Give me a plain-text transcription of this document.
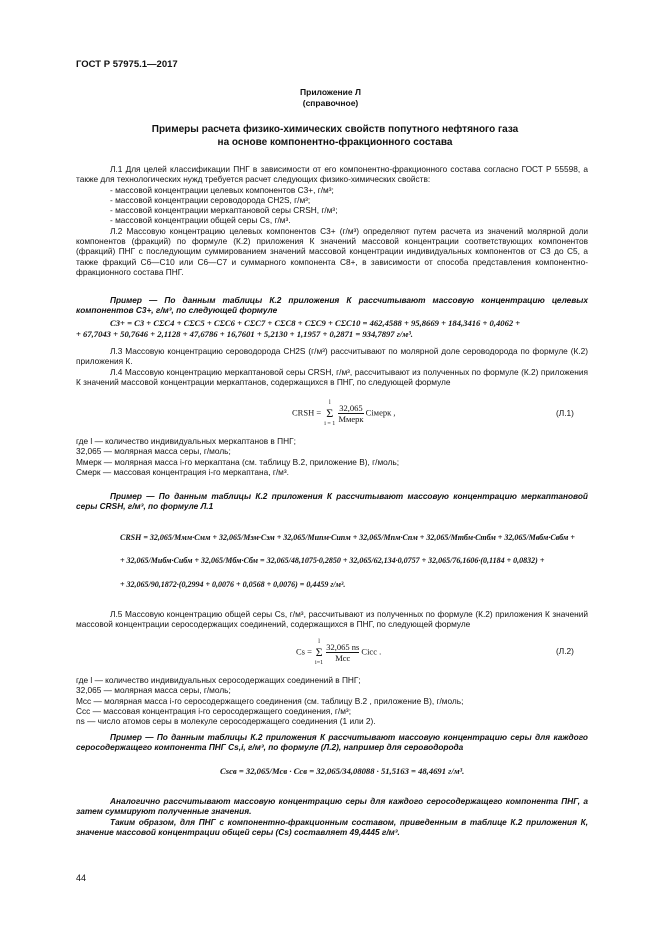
ГОСТ Р 57975.1—2017
Приложение Л
(справочное)
Примеры расчета физико-химических свойств попутного нефтяного газа
на основе компонентно-фракционного состава

Л.1 Для целей классификации ПНГ в зависимости от его компонентно-фракционного состава согласно ГОСТ Р 55598, а также для технологических нужд требуется расчет следующих физико-химических свойств:

- массовой концентрации целевых компонентов C3+, г/м³;

- массовой концентрации сероводорода CH2S, г/м³;

- массовой концентрации меркаптановой серы CRSH, г/м³;

- массовой концентрации общей серы Cs, г/м³.

Л.2 Массовую концентрацию целевых компонентов C3+ (г/м³) определяют путем расчета из значений молярной доли компонентов (фракций) по формуле (К.2) приложения К значений массовой концентрации соответствующих компонентов (фракций) ПНГ с последующим суммированием значений массовой концентрации индивидуальных компонентов от C3 до C5, а также фракций C6—C10 или C6—C7 и суммарного компонента C8+, в зависимости от способа представления компонентно-фракционного состава ПНГ.

Пример — По данным таблицы К.2 приложения К рассчитывают массовую концентрацию целевых компонентов C3+, г/м³, по следующей формуле

C3+ = C3 + CΣC4 + CΣC5 + CΣC6 + CΣC7 + CΣC8 + CΣC9 + CΣC10 = 462,4588 + 95,8669 + 184,3416 + 0,4062 +
+ 67,7043 + 50,7646 + 2,1128 + 47,6786 + 16,7601 + 5,2130 + 1,1957 + 0,2871 = 934,7897 г/м³.

Л.3 Массовую концентрацию сероводорода CH2S (г/м³) рассчитывают по молярной доле сероводорода по формуле (К.2) приложения К.

Л.4 Массовую концентрацию меркаптановой серы CRSH, г/м³, рассчитывают из полученных по формуле (К.2) приложения К значений массовой концентрации меркаптанов, содержащихся в ПНГ, по следующей формуле

CRSH =
l
Σ
i = 1
$\frac{32,065}{\text{Mмерк}}$ Ciмерк ,	(Л.1)

где l — количество индивидуальных меркаптанов в ПНГ;

32,065 — молярная масса серы, г/моль;

Mмерк — молярная масса i-го меркаптана (см. таблицу В.2, приложение В), г/моль;

Cмерк — массовая концентрация i-го меркаптана, г/м³.

Пример — По данным таблицы К.2 приложения К рассчитывают массовую концентрацию меркаптановой серы CRSH, г/м³, по формуле Л.1

CRSH = 32,065/Mмм·Cмм + 32,065/Mэм·Cэм + 32,065/Mипм·Cипм + 32,065/Mпм·Cпм + 32,065/Mтбм·Cтбм + 32,065/Mвбм·Cвбм +
+ 32,065/Mибм·Cибм + 32,065/Mбм·Cбм = 32,065/48,1075·0,2850 + 32,065/62,134·0,0757 + 32,065/76,1606·(0,1184 + 0,0832) +
+ 32,065/90,1872·(0,2994 + 0,0076 + 0,0568 + 0,0076) = 0,4459 г/м³.

Л.5 Массовую концентрацию общей серы Cs, г/м³, рассчитывают из полученных по формуле (К.2) приложения К значений массовой концентрации серосодержащих соединений, содержащихся в ПНГ, по следующей формуле

Cs =
l
Σ
i=1
$\frac{32,065 ns}{\text{Mсс}}$ Ciсс .	(Л.2)

где l — количество индивидуальных серосодержащих соединений в ПНГ;

32,065 — молярная масса серы, г/моль;

Mсс — молярная масса i-го серосодержащего соединения (см. таблицу В.2 , приложение В), г/моль;

Cсс — массовая концентрация i-го серосодержащего соединения, г/м³;

ns — число атомов серы в молекуле серосодержащего соединения (1 или 2).

Пример — По данным таблицы К.2 приложения К рассчитывают массовую концентрацию серы для каждого серосодержащего компонента ПНГ Cs,i, г/м³, по формуле (Л.2), например для сероводорода

Csсв = 32,065/Mсв · Cсв = 32,065/34,08088 · 51,5163 = 48,4691 г/м³.

Аналогично рассчитывают массовую концентрацию серы для каждого серосодержащего компонента ПНГ, а затем суммируют полученные значения.

Таким образом, для ПНГ с компонентно-фракционным составом, приведенным в таблице К.2 приложения К, значение массовой концентрации общей серы (Cs) составляет 49,4445 г/м³.

44
